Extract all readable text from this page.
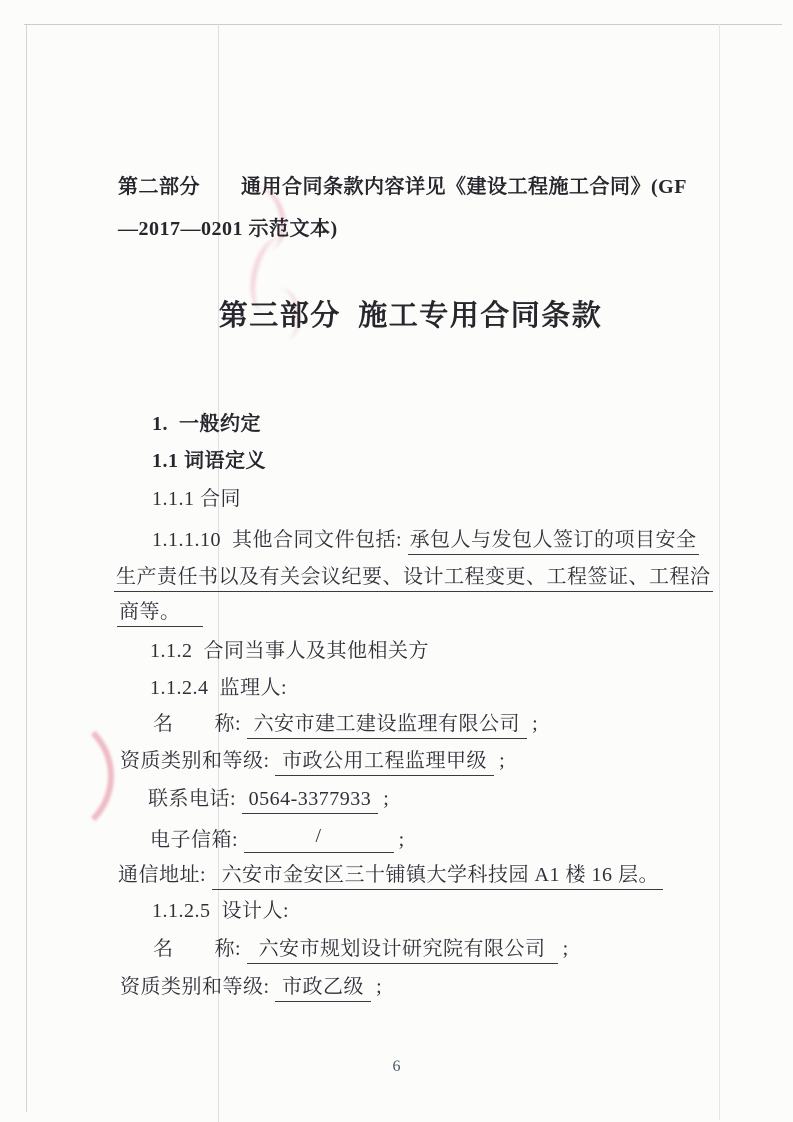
第二部分　　通用合同条款内容详见《建设工程施工合同》(GF
—2017—0201 示范文本)
第三部分  施工专用合同条款
1.  一般约定
1.1 词语定义
1.1.1 合同
1.1.1.10  其他合同文件包括: 承包人与发包人签订的项目安全
生产责任书以及有关会议纪要、设计工程变更、工程签证、工程洽
商等。
1.1.2  合同当事人及其他相关方
1.1.2.4  监理人:
名　　称: 六安市建工建设监理有限公司 ;
资质类别和等级: 市政公用工程监理甲级 ;
联系电话: 0564-3377933 ;
电子信箱:	/	;
通信地址: 六安市金安区三十铺镇大学科技园 A1 楼 16 层。
1.1.2.5  设计人:
名　　称: 六安市规划设计研究院有限公司 ;
资质类别和等级: 市政乙级 ;
6
